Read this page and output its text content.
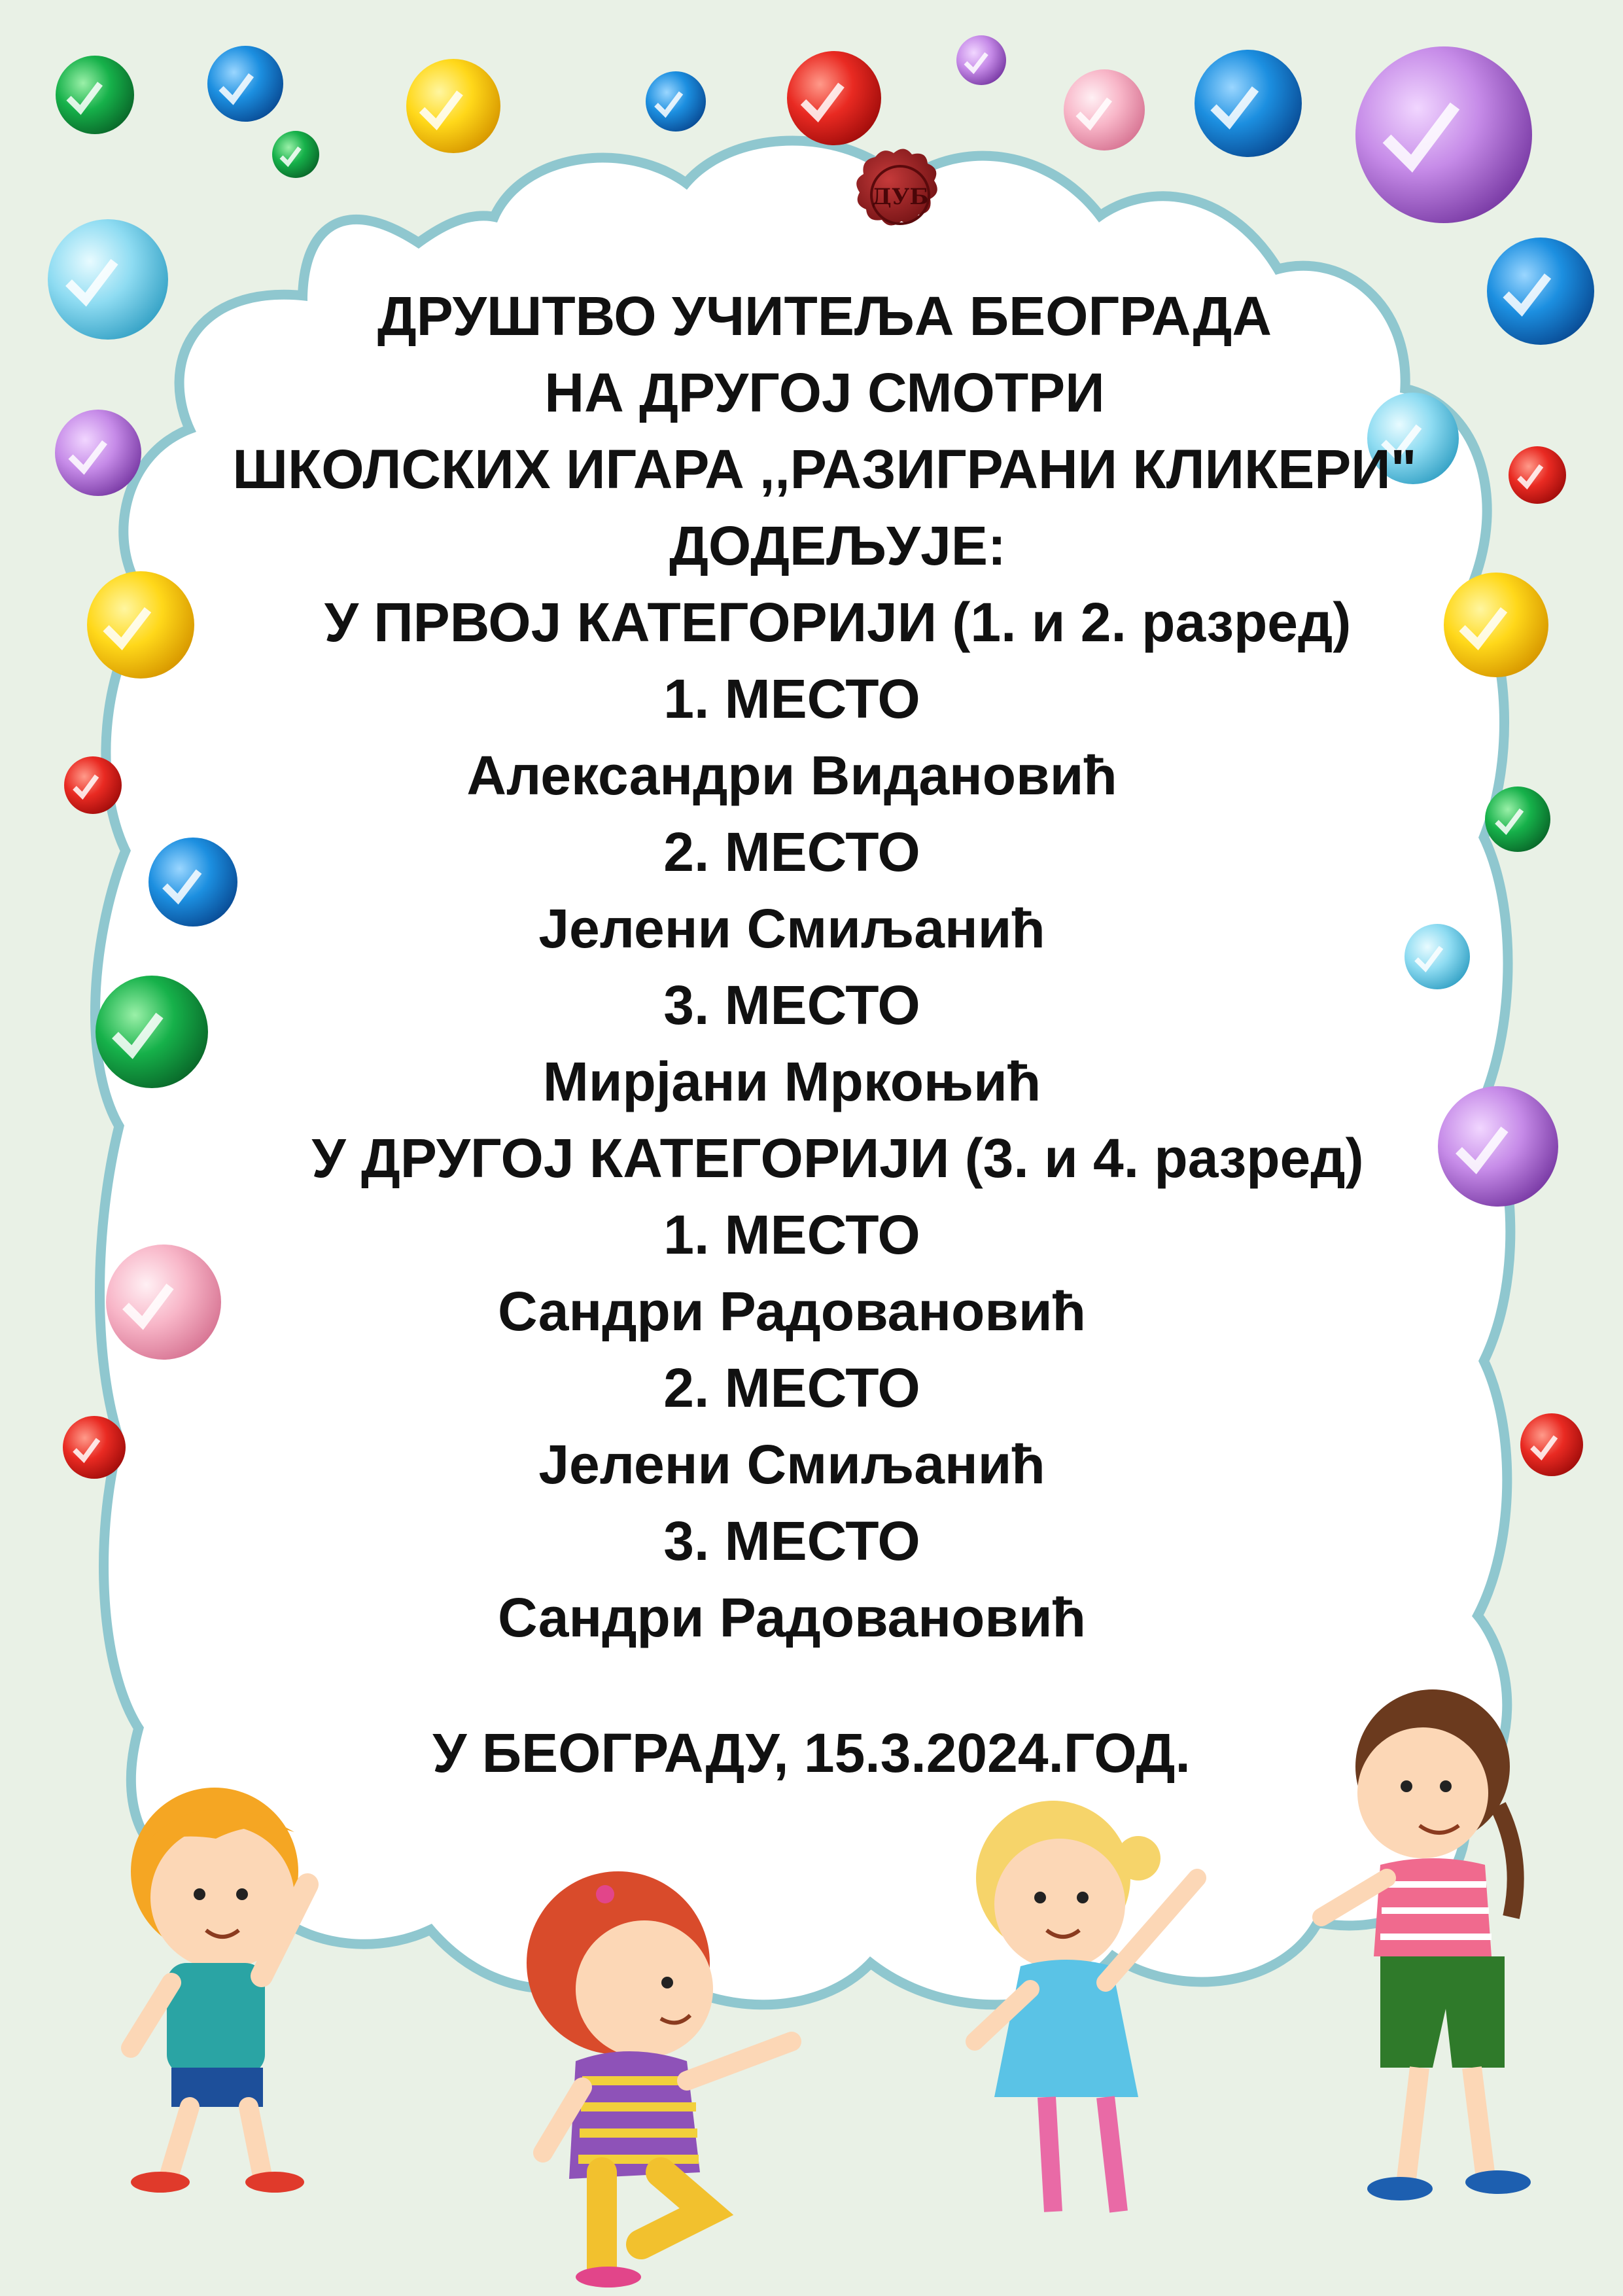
ДУБ
ДРУШТВО УЧИТЕЉА БЕОГРАДА
НА ДРУГОЈ СМОТРИ
ШКОЛСКИХ ИГАРА ,,РАЗИГРАНИ КЛИКЕРИ"
ДОДЕЉУЈЕ:
У ПРВОЈ КАТЕГОРИЈИ (1. и 2. разред)
1. МЕСТО
Александри Видановић
2. МЕСТО
Јелени Смиљанић
3. МЕСТО
Мирјани Мркоњић
У ДРУГОЈ КАТЕГОРИЈИ (3. и 4. разред)
1. МЕСТО
Сандри Радовановић
2. МЕСТО
Јелени Смиљанић
3. МЕСТО
Сандри Радовановић
У БЕОГРАДУ, 15.3.2024.ГОД.
